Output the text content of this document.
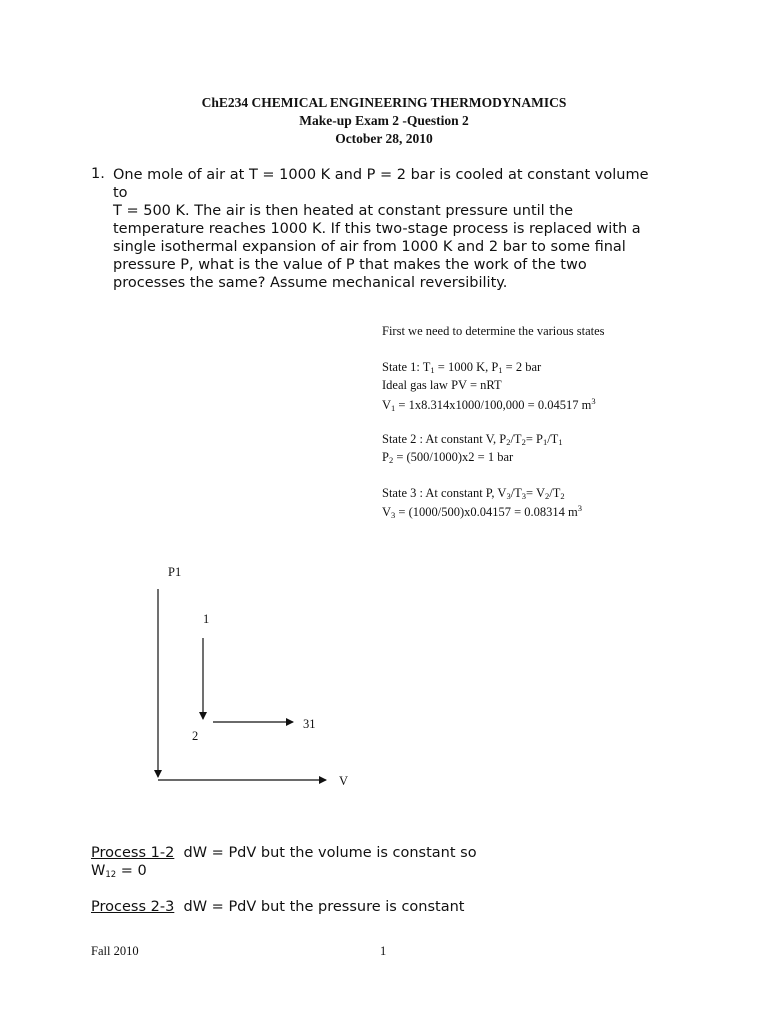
ChE234 CHEMICAL ENGINEERING THERMODYNAMICS
Make-up Exam 2 -Question 2
October 28, 2010
1. One mole of air at T = 1000 K and P = 2 bar is cooled at constant volume
to
T = 500 K. The air is then heated at constant pressure until the
temperature reaches 1000 K. If this two-stage process is replaced with a
single isothermal expansion of air from 1000 K and 2 bar to some final
pressure P, what is the value of P that makes the work of the two
processes the same? Assume mechanical reversibility.
First we need to determine the various states
State 1: $T_1 = 1000$ K, $P_1 = 2$ bar
Ideal gas law PV = nRT
$V_1 = 1x8.314x1000/100,000 = 0.04517$ $m^3$
State 2 : At constant V, $P_2/T_2= P_1/T_1$
$P_2 = (500/1000)x2 = 1$ bar
State 3 : At constant P, $V_3/T_3= V_2/T_2$
$V_3 = (1000/500)x0.04157 = 0.08314$ $m^3$
P1
V
1
2
31
Process 1-2  dW = PdV but the volume is constant so
$W_{12} = 0$
Process 2-3  dW = PdV but the pressure is constant
Fall 2010	1
